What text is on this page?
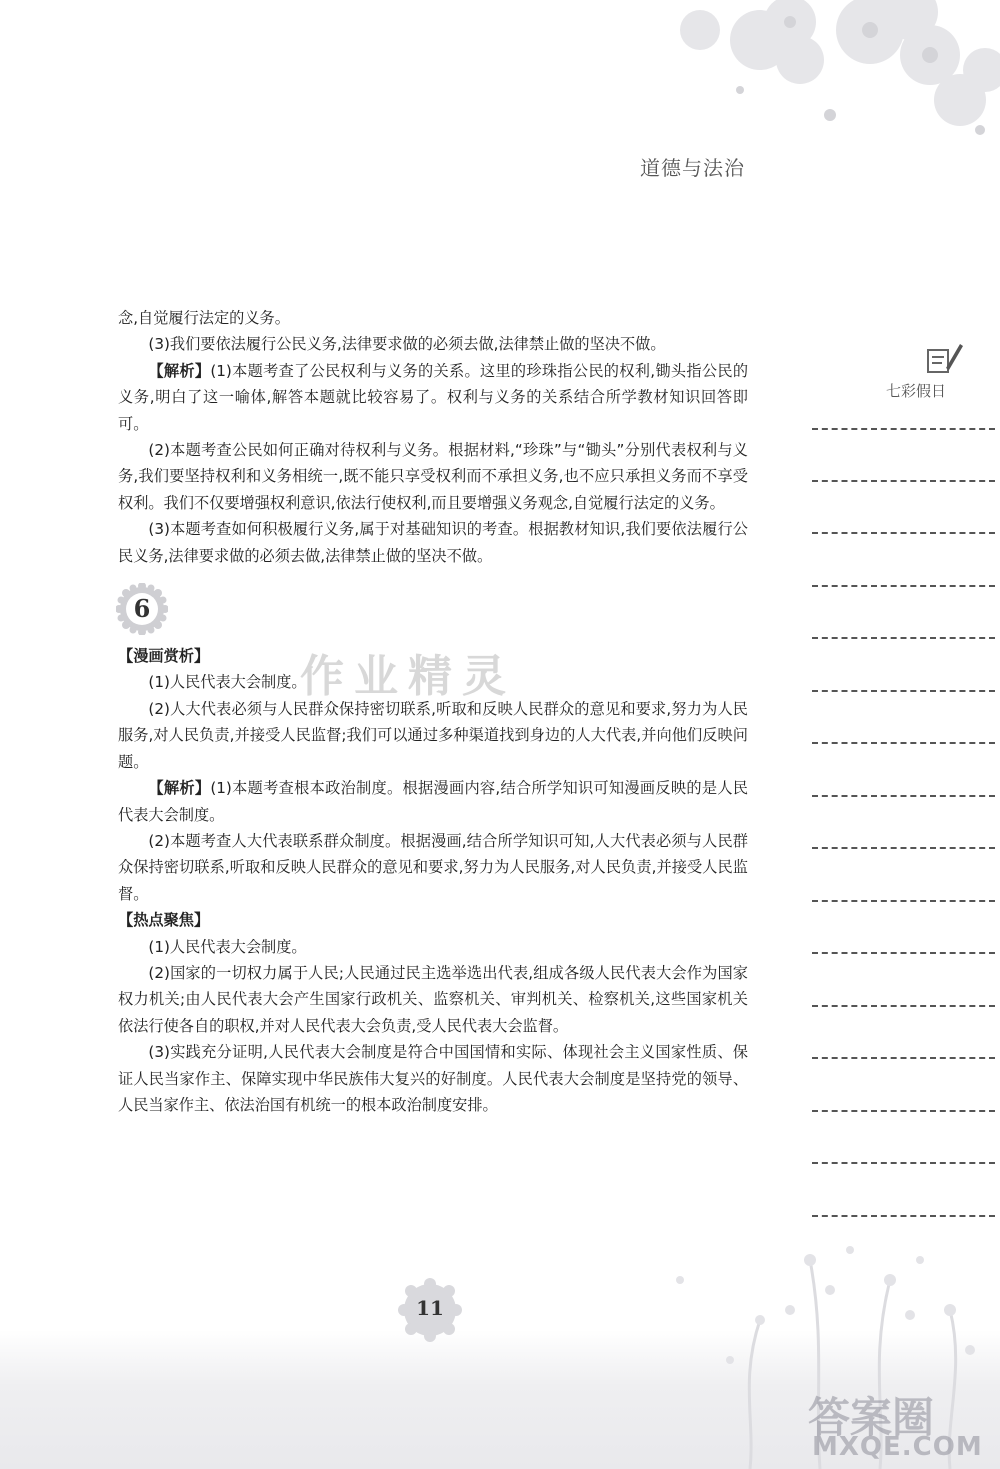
道德与法治
七彩假日
作业精灵

念,自觉履行法定的义务。

(3)我们要依法履行公民义务,法律要求做的必须去做,法律禁止做的坚决不做。

【解析】(1)本题考查了公民权利与义务的关系。这里的珍珠指公民的权利,锄头指公民的义务,明白了这一喻体,解答本题就比较容易了。权利与义务的关系结合所学教材知识回答即可。

(2)本题考查公民如何正确对待权利与义务。根据材料,“珍珠”与“锄头”分别代表权利与义务,我们要坚持权利和义务相统一,既不能只享受权利而不承担义务,也不应只承担义务而不享受权利。我们不仅要增强权利意识,依法行使权利,而且要增强义务观念,自觉履行法定的义务。

(3)本题考查如何积极履行义务,属于对基础知识的考查。根据教材知识,我们要依法履行公民义务,法律要求做的必须去做,法律禁止做的坚决不做。

6

【漫画赏析】

(1)人民代表大会制度。

(2)人大代表必须与人民群众保持密切联系,听取和反映人民群众的意见和要求,努力为人民服务,对人民负责,并接受人民监督;我们可以通过多种渠道找到身边的人大代表,并向他们反映问题。

【解析】(1)本题考查根本政治制度。根据漫画内容,结合所学知识可知漫画反映的是人民代表大会制度。

(2)本题考查人大代表联系群众制度。根据漫画,结合所学知识可知,人大代表必须与人民群众保持密切联系,听取和反映人民群众的意见和要求,努力为人民服务,对人民负责,并接受人民监督。

【热点聚焦】

(1)人民代表大会制度。

(2)国家的一切权力属于人民;人民通过民主选举选出代表,组成各级人民代表大会作为国家权力机关;由人民代表大会产生国家行政机关、监察机关、审判机关、检察机关,这些国家机关依法行使各自的职权,并对人民代表大会负责,受人民代表大会监督。

(3)实践充分证明,人民代表大会制度是符合中国国情和实际、体现社会主义国家性质、保证人民当家作主、保障实现中华民族伟大复兴的好制度。人民代表大会制度是坚持党的领导、人民当家作主、依法治国有机统一的根本政治制度安排。

11
答案圈
MXQE.COM
